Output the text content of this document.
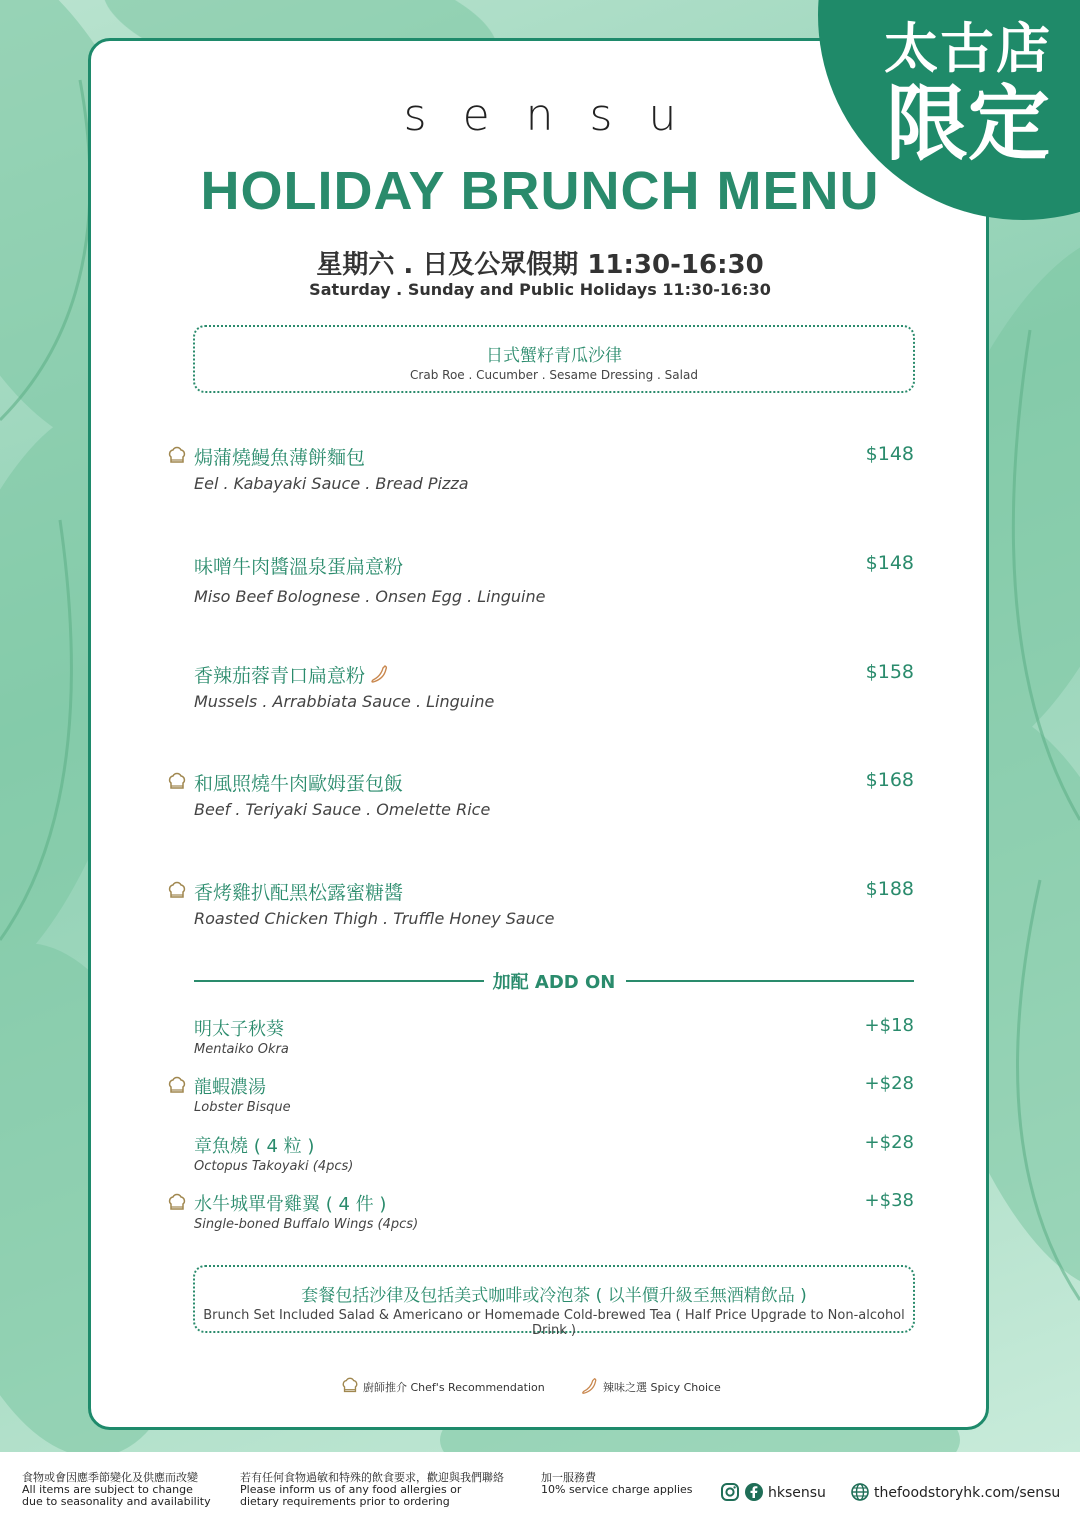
太古店
限定
sensu
HOLIDAY BRUNCH MENU
星期六 . 日及公眾假期 11:30-16:30
Saturday . Sunday and Public Holidays 11:30-16:30
日式蟹籽青瓜沙律
Crab Roe . Cucumber . Sesame Dressing . Salad
焗蒲燒鰻魚薄餅麵包
Eel . Kabayaki Sauce . Bread Pizza
$148
味噌牛肉醬溫泉蛋扁意粉
Miso Beef Bolognese . Onsen Egg . Linguine
$148
香辣茄蓉青口扁意粉
Mussels . Arrabbiata Sauce . Linguine
$158
和風照燒牛肉歐姆蛋包飯
Beef . Teriyaki Sauce . Omelette Rice
$168
香烤雞扒配黑松露蜜糖醬
Roasted Chicken Thigh . Truffle Honey Sauce
$188
加配 ADD ON
明太子秋葵
Mentaiko Okra
+$18
龍蝦濃湯
Lobster Bisque
+$28
章魚燒 ( 4 粒 )
Octopus Takoyaki (4pcs)
+$28
水牛城單骨雞翼 ( 4 件 )
Single-boned Buffalo Wings (4pcs)
+$38
套餐包括沙律及包括美式咖啡或冷泡茶 ( 以半價升級至無酒精飲品 )
Brunch Set Included Salad & Americano or Homemade Cold-brewed Tea ( Half Price Upgrade to Non-alcohol Drink )
廚師推介 Chef's Recommendation	辣味之選 Spicy Choice
食物或會因應季節變化及供應而改變
All items are subject to change
due to seasonality and availability
若有任何食物過敏和特殊的飲食要求，歡迎與我們聯絡
Please inform us of any food allergies or
dietary requirements prior to ordering
加一服務費
10% service charge applies	hksensu	thefoodstoryhk.com/sensu
